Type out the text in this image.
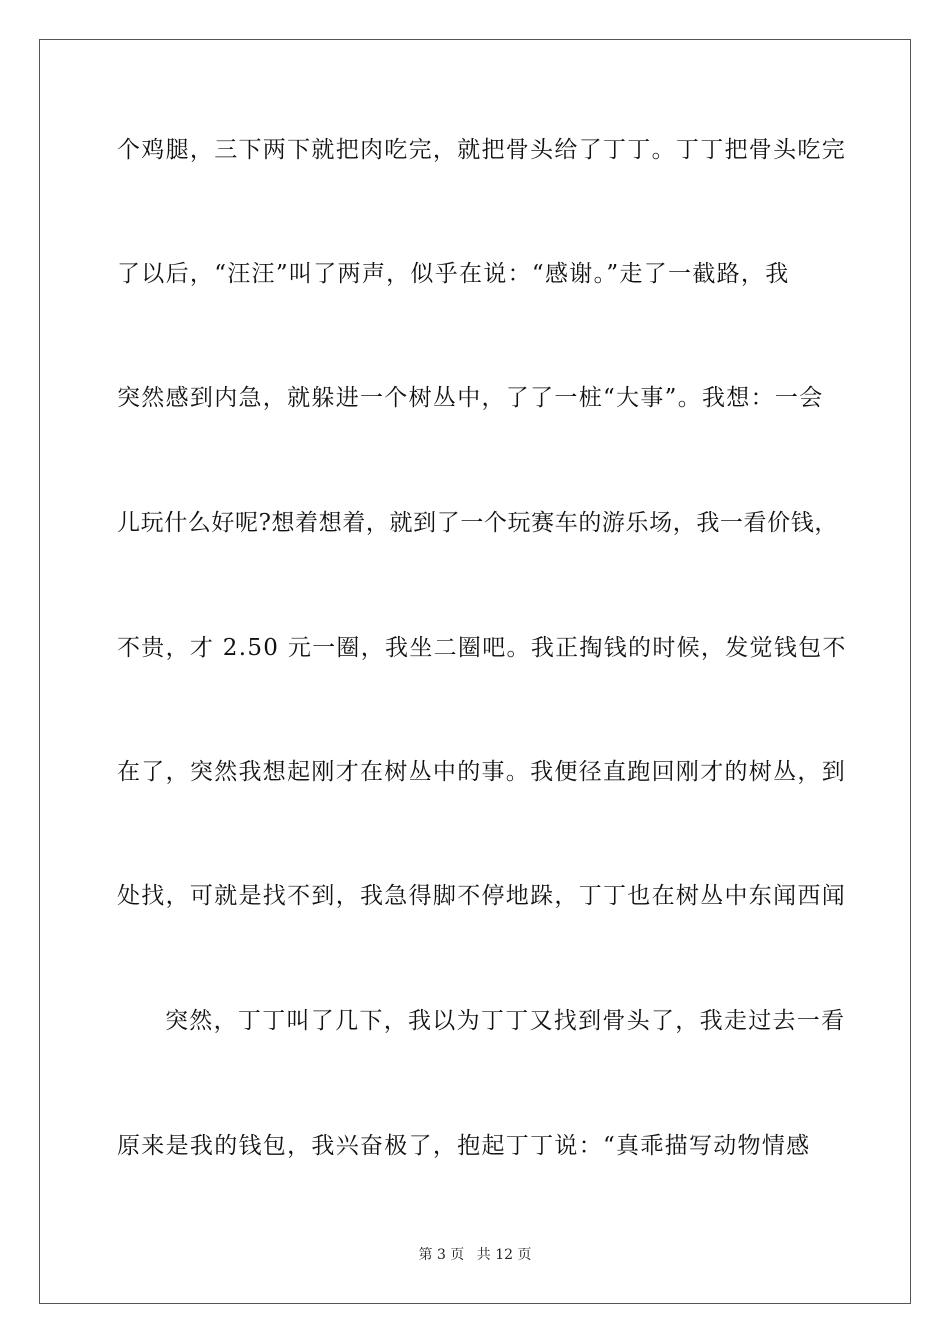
个鸡腿，三下两下就把肉吃完，就把骨头给了丁丁。丁丁把骨头吃完
了以后，“汪汪”叫了两声，似乎在说：“感谢。”走了一截路，我
突然感到内急，就躲进一个树丛中，了了一桩“大事”。我想：一会
儿玩什么好呢?想着想着，就到了一个玩赛车的游乐场，我一看价钱，
不贵，才 2.50 元一圈，我坐二圈吧。我正掏钱的时候，发觉钱包不
在了，突然我想起刚才在树丛中的事。我便径直跑回刚才的树丛，到
处找，可就是找不到，我急得脚不停地跺，丁丁也在树丛中东闻西闻
突然，丁丁叫了几下，我以为丁丁又找到骨头了，我走过去一看
原来是我的钱包，我兴奋极了，抱起丁丁说：“真乖描写动物情感
第 3 页 共 12 页
